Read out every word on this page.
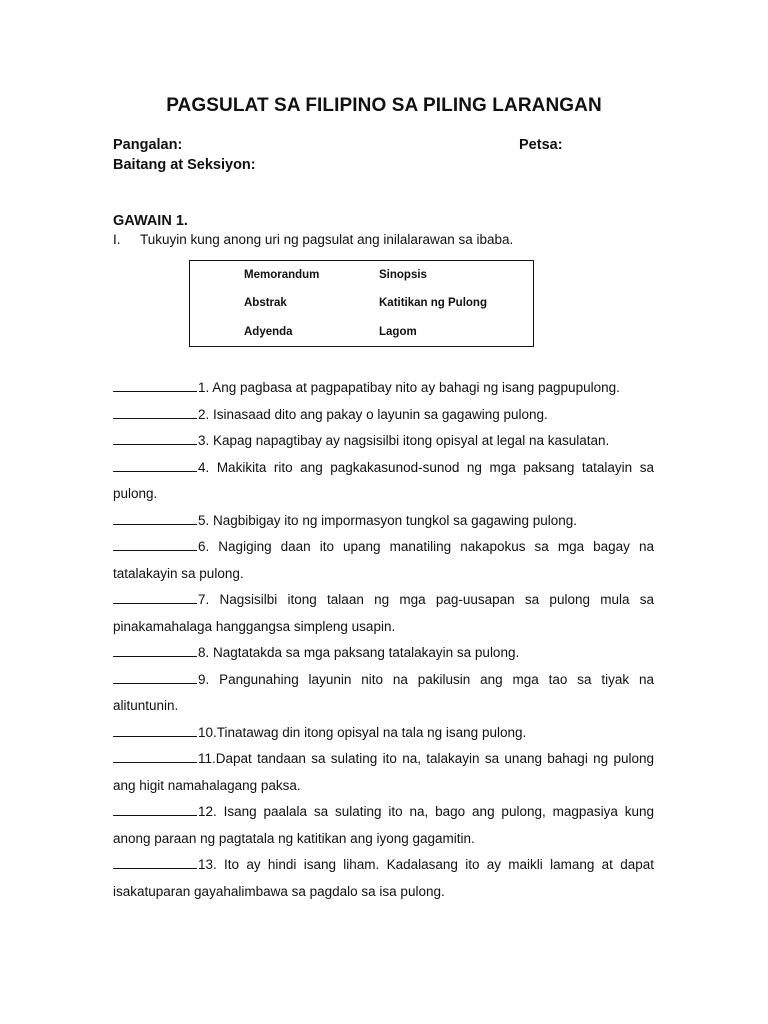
PAGSULAT SA FILIPINO SA PILING LARANGAN
Pangalan:	Petsa:
Baitang at Seksiyon:
GAWAIN 1.
I. Tukuyin kung anong uri ng pagsulat ang inilalarawan sa ibaba.
Memorandum
Abstrak
Adyenda
Sinopsis
Katitikan ng Pulong
Lagom

1. Ang pagbasa at pagpapatibay nito ay bahagi ng isang pagpupulong.

2. Isinasaad dito ang pakay o layunin sa gagawing pulong.

3. Kapag napagtibay ay nagsisilbi itong opisyal at legal na kasulatan.

4. Makikita rito ang pagkakasunod-sunod ng mga paksang tatalayin sa pulong.

5. Nagbibigay ito ng impormasyon tungkol sa gagawing pulong.

6. Nagiging daan ito upang manatiling nakapokus sa mga bagay na tatalakayin sa pulong.

7. Nagsisilbi itong talaan ng mga pag-uusapan sa pulong mula sa pinakamahalaga hanggangsa simpleng usapin.

8. Nagtatakda sa mga paksang tatalakayin sa pulong.

9. Pangunahing layunin nito na pakilusin ang mga tao sa tiyak na alituntunin.

10.Tinatawag din itong opisyal na tala ng isang pulong.

11.Dapat tandaan sa sulating ito na, talakayin sa unang bahagi ng pulong ang higit namahalagang paksa.

12. Isang paalala sa sulating ito na, bago ang pulong, magpasiya kung anong paraan ng pagtatala ng katitikan ang iyong gagamitin.

13. Ito ay hindi isang liham. Kadalasang ito ay maikli lamang at dapat isakatuparan gayahalimbawa sa pagdalo sa isa pulong.
